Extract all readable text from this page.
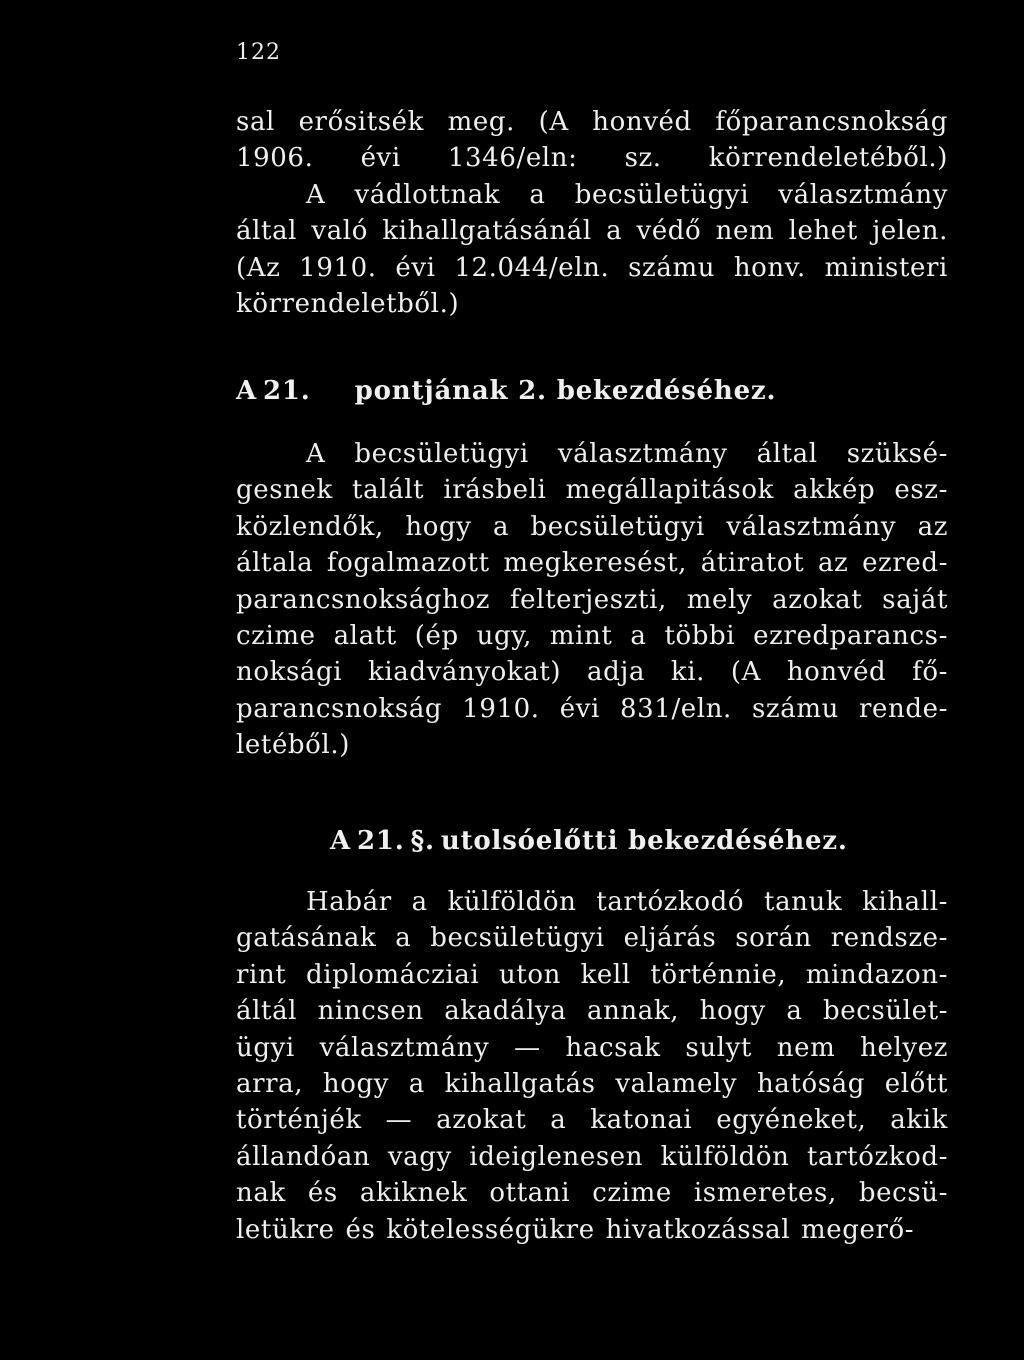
122
sal erősitsék meg. (A honvéd főparancsnokság
1906. évi 1346/eln: sz. körrendeletéből.)
A vádlottnak a becsületügyi választmány
által való kihallgatásánál a védő nem lehet jelen.
(Az 1910. évi 12.044/eln. számu honv. ministeri
körrendeletből.)
A 21. pontjának 2. bekezdéséhez.
A becsületügyi választmány által szüksé-
gesnek talált irásbeli megállapitások akkép esz-
közlendők, hogy a becsületügyi választmány az
általa fogalmazott megkeresést, átiratot az ezred-
parancsnoksághoz felterjeszti, mely azokat saját
czime alatt (ép ugy, mint a többi ezredparancs-
noksági kiadványokat) adja ki. (A honvéd fő-
parancsnokság 1910. évi 831/eln. számu rende-
letéből.)
A 21. §. utolsóelőtti bekezdéséhez.
Habár a külföldön tartózkodó tanuk kihall-
gatásának a becsületügyi eljárás során rendsze-
rint diplomácziai uton kell történnie, mindazon-
áltál nincsen akadálya annak, hogy a becsület-
ügyi választmány — hacsak sulyt nem helyez
arra, hogy a kihallgatás valamely hatóság előtt
történjék — azokat a katonai egyéneket, akik
állandóan vagy ideiglenesen külföldön tartózkod-
nak és akiknek ottani czime ismeretes, becsü-
letükre és kötelességükre hivatkozással megerő-
